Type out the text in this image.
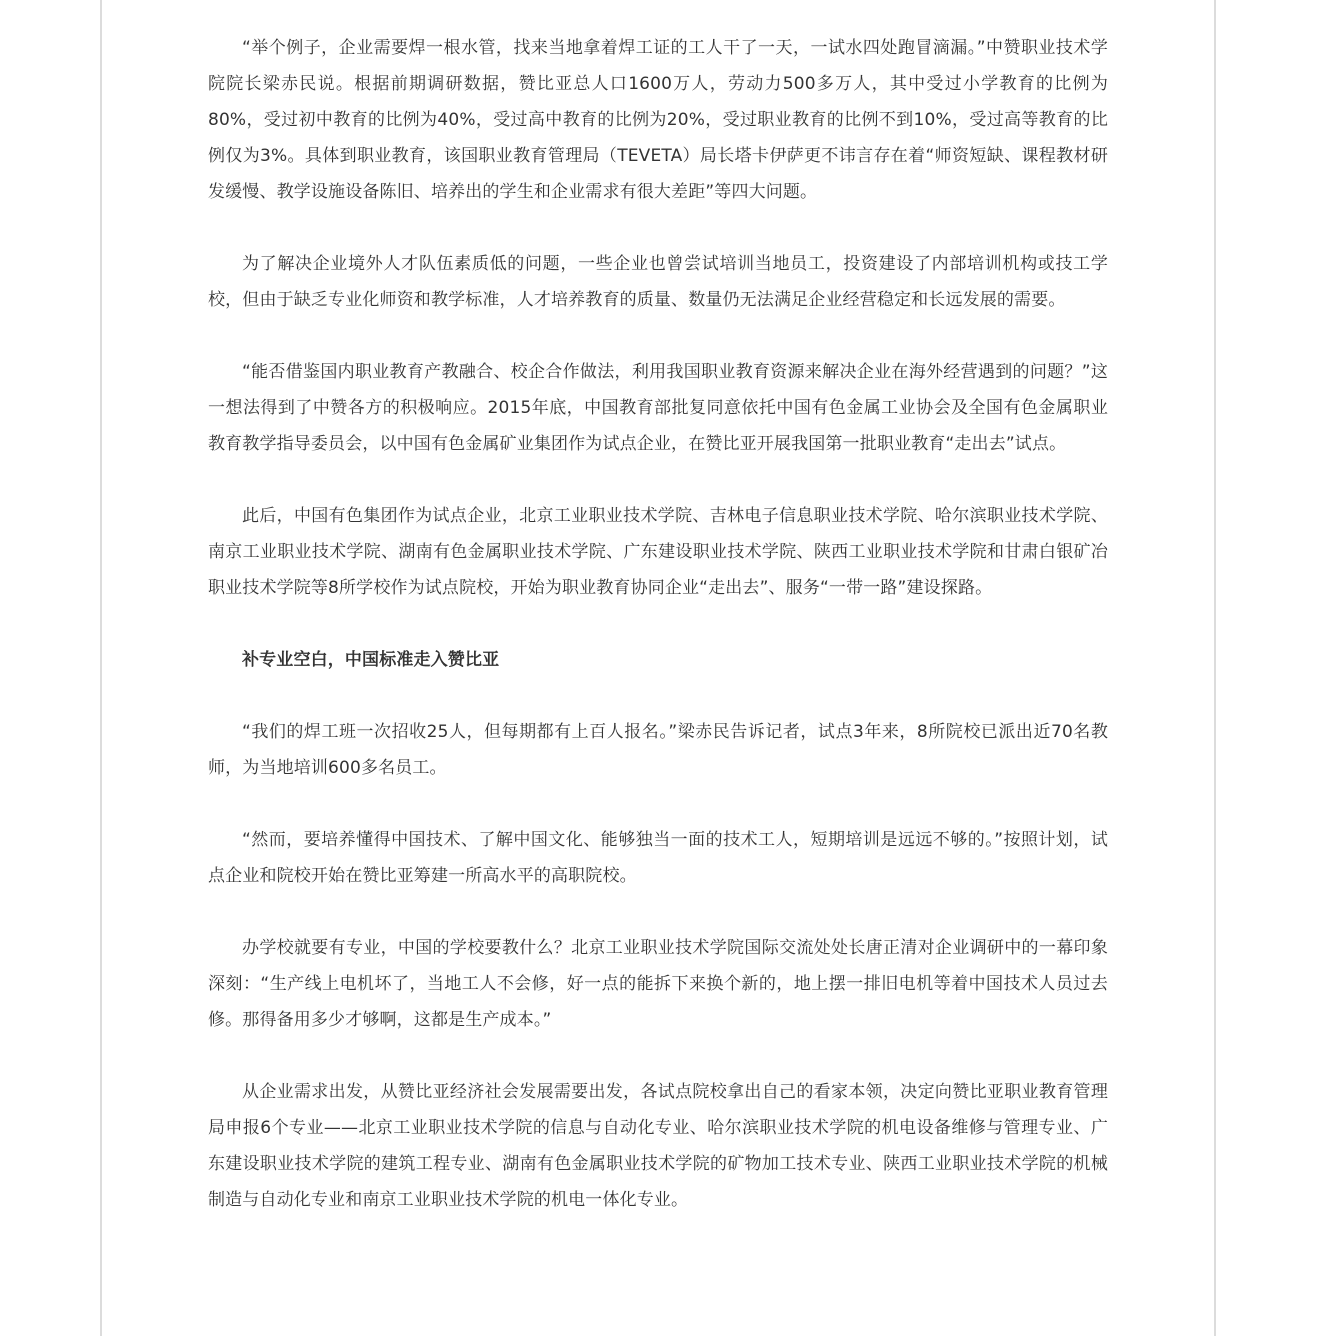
“举个例子，企业需要焊一根水管，找来当地拿着焊工证的工人干了一天，一试水四处跑冒滴漏。”中赞职业技术学院院长梁赤民说。根据前期调研数据，赞比亚总人口1600万人，劳动力500多万人，其中受过小学教育的比例为80%，受过初中教育的比例为40%，受过高中教育的比例为20%，受过职业教育的比例不到10%，受过高等教育的比例仅为3%。具体到职业教育，该国职业教育管理局（TEVETA）局长塔卡伊萨更不讳言存在着“师资短缺、课程教材研发缓慢、教学设施设备陈旧、培养出的学生和企业需求有很大差距”等四大问题。

为了解决企业境外人才队伍素质低的问题，一些企业也曾尝试培训当地员工，投资建设了内部培训机构或技工学校，但由于缺乏专业化师资和教学标准，人才培养教育的质量、数量仍无法满足企业经营稳定和长远发展的需要。

“能否借鉴国内职业教育产教融合、校企合作做法，利用我国职业教育资源来解决企业在海外经营遇到的问题？”这一想法得到了中赞各方的积极响应。2015年底，中国教育部批复同意依托中国有色金属工业协会及全国有色金属职业教育教学指导委员会，以中国有色金属矿业集团作为试点企业，在赞比亚开展我国第一批职业教育“走出去”试点。

此后，中国有色集团作为试点企业，北京工业职业技术学院、吉林电子信息职业技术学院、哈尔滨职业技术学院、南京工业职业技术学院、湖南有色金属职业技术学院、广东建设职业技术学院、陕西工业职业技术学院和甘肃白银矿冶职业技术学院等8所学校作为试点院校，开始为职业教育协同企业“走出去”、服务“一带一路”建设探路。

补专业空白，中国标准走入赞比亚

“我们的焊工班一次招收25人，但每期都有上百人报名。”梁赤民告诉记者，试点3年来，8所院校已派出近70名教师，为当地培训600多名员工。

“然而，要培养懂得中国技术、了解中国文化、能够独当一面的技术工人，短期培训是远远不够的。”按照计划，试点企业和院校开始在赞比亚筹建一所高水平的高职院校。

办学校就要有专业，中国的学校要教什么？北京工业职业技术学院国际交流处处长唐正清对企业调研中的一幕印象深刻：“生产线上电机坏了，当地工人不会修，好一点的能拆下来换个新的，地上摆一排旧电机等着中国技术人员过去修。那得备用多少才够啊，这都是生产成本。”

从企业需求出发，从赞比亚经济社会发展需要出发，各试点院校拿出自己的看家本领，决定向赞比亚职业教育管理局申报6个专业——北京工业职业技术学院的信息与自动化专业、哈尔滨职业技术学院的机电设备维修与管理专业、广东建设职业技术学院的建筑工程专业、湖南有色金属职业技术学院的矿物加工技术专业、陕西工业职业技术学院的机械制造与自动化专业和南京工业职业技术学院的机电一体化专业。
